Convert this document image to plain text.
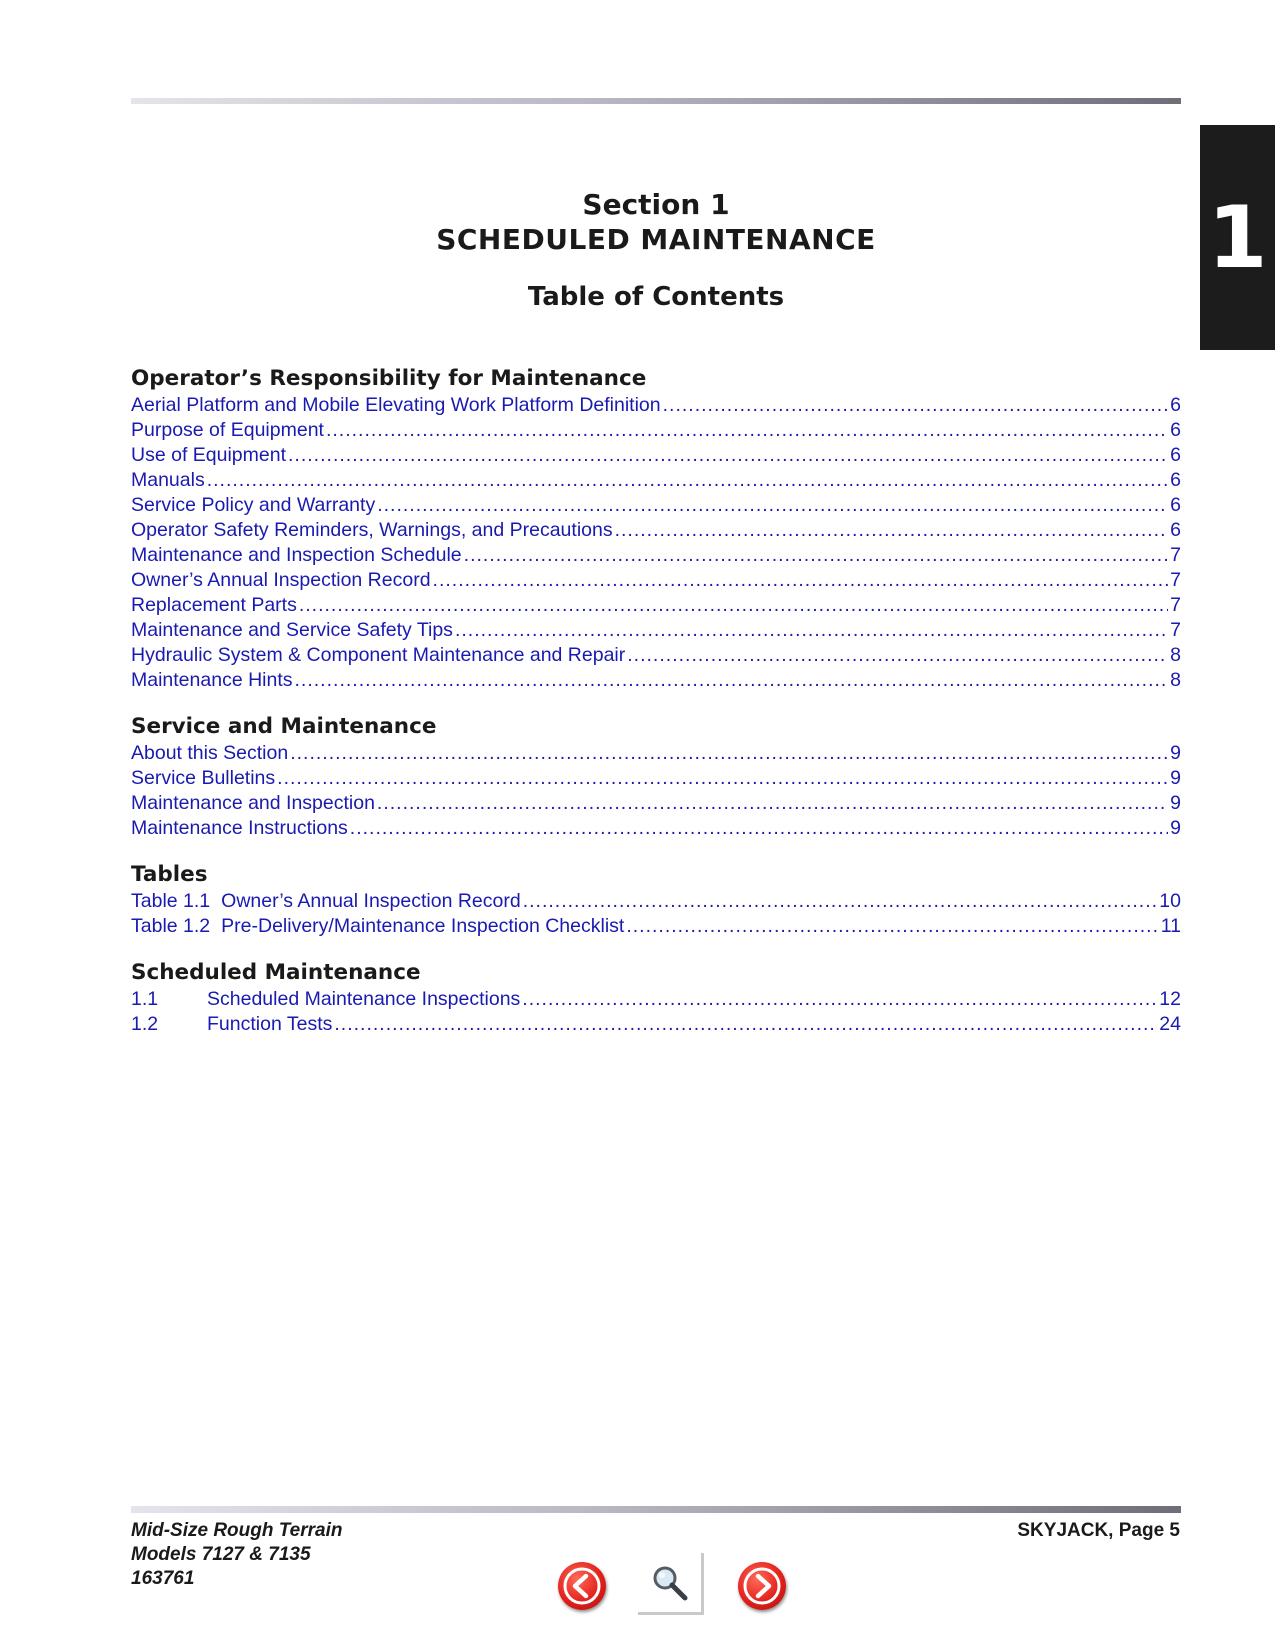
1
Section 1
SCHEDULED MAINTENANCE
Table of Contents
Operator’s Responsibility for Maintenance
Aerial Platform and Mobile Elevating Work Platform Definition .....	6
Purpose of Equipment .....	6
Use of Equipment .....	6
Manuals .....	6
Service Policy and Warranty .....	6
Operator Safety Reminders, Warnings, and Precautions .....	6
Maintenance and Inspection Schedule .....	7
Owner’s Annual Inspection Record .....	7
Replacement Parts .....	7
Maintenance and Service Safety Tips .....	7
Hydraulic System & Component Maintenance and Repair .....	8
Maintenance Hints .....	8
Service and Maintenance
About this Section .....	9
Service Bulletins .....	9
Maintenance and Inspection .....	9
Maintenance Instructions .....	9
Tables
Table 1.1 Owner’s Annual Inspection Record .....	10
Table 1.2 Pre-Delivery/Maintenance Inspection Checklist .....	11
Scheduled Maintenance
1.1	Scheduled Maintenance Inspections .....	12
1.2	Function Tests .....	24
Mid-Size Rough Terrain
Models 7127 & 7135
163761
SKYJACK, Page 5
